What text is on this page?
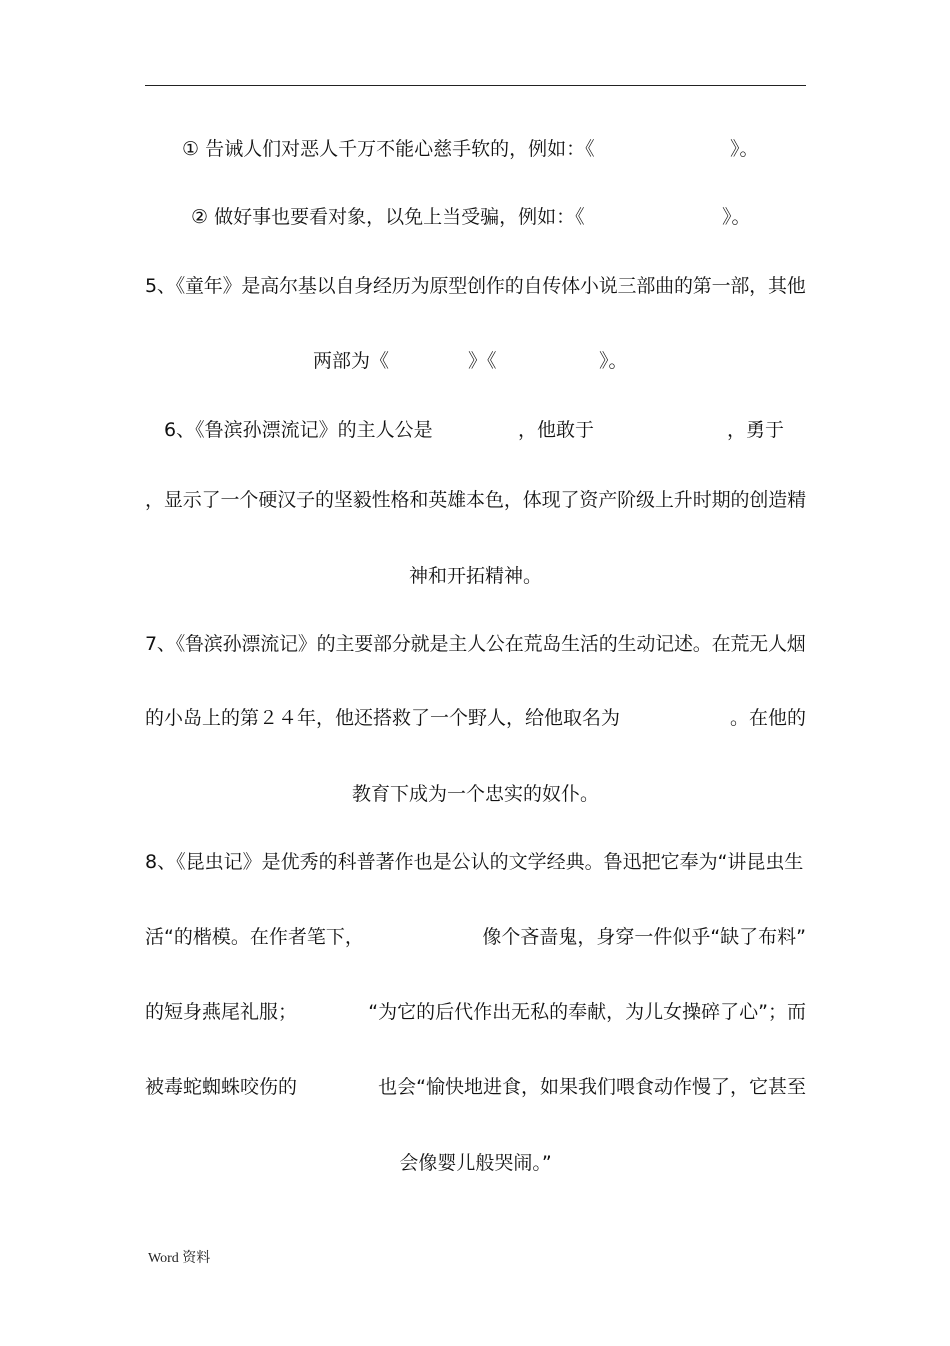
① 告诫人们对恶人千万不能心慈手软的，例如：《	》。
② 做好事也要看对象，以免上当受骗，例如：《	》。
5、《童年》是高尔基以自身经历为原型创作的自传体小说三部曲的第一部，其他
两部为《	》《	》。
6、《鲁滨孙漂流记》的主人公是	，他敢于	，勇于
，显示了一个硬汉子的坚毅性格和英雄本色，体现了资产阶级上升时期的创造精
神和开拓精神。
7、《鲁滨孙漂流记》的主要部分就是主人公在荒岛生活的生动记述。在荒无人烟
的小岛上的第２４年，他还搭救了一个野人，给他取名为	。在他的
教育下成为一个忠实的奴仆。
8、《昆虫记》是优秀的科普著作也是公认的文学经典。鲁迅把它奉为“讲昆虫生
活“的楷模。在作者笔下，	像个吝啬鬼，身穿一件似乎“缺了布料”
的短身燕尾礼服；	“为它的后代作出无私的奉献，为儿女操碎了心”；而
被毒蛇蜘蛛咬伤的	也会“愉快地进食，如果我们喂食动作慢了，它甚至
会像婴儿般哭闹。”
Word 资料
